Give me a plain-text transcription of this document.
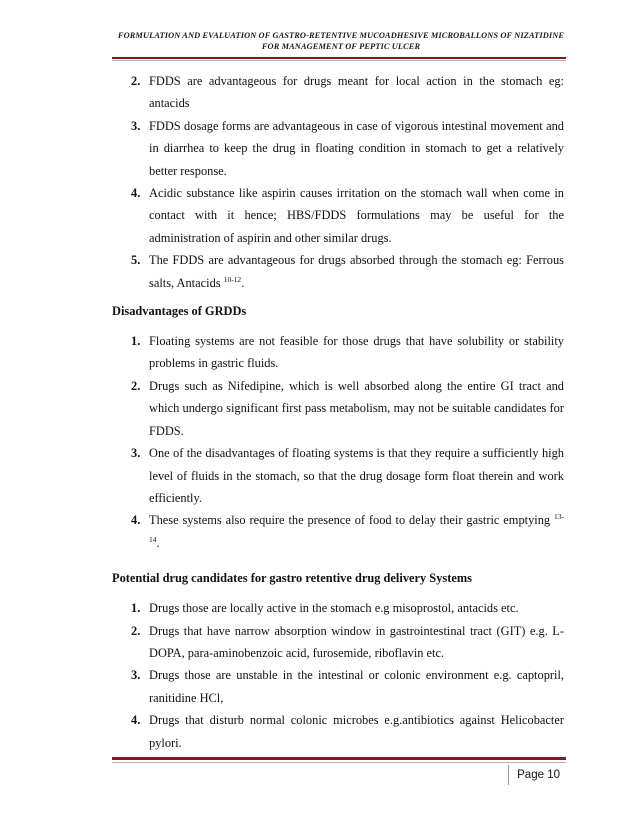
FORMULATION AND EVALUATION OF GASTRO-RETENTIVE MUCOADHESIVE MICROBALLONS OF NIZATIDINE
FOR MANAGEMENT OF PEPTIC ULCER
2. FDDS are advantageous for drugs meant for local action in the stomach eg: antacids
3. FDDS dosage forms are advantageous in case of vigorous intestinal movement and in diarrhea to keep the drug in floating condition in stomach to get a relatively better response.
4. Acidic substance like aspirin causes irritation on the stomach wall when come in contact with it hence; HBS/FDDS formulations may be useful for the administration of aspirin and other similar drugs.
5. The FDDS are advantageous for drugs absorbed through the stomach eg: Ferrous salts, Antacids $^{10-12}$.
Disadvantages of GRDDs
1. Floating systems are not feasible for those drugs that have solubility or stability problems in gastric fluids.
2. Drugs such as Nifedipine, which is well absorbed along the entire GI tract and which undergo significant first pass metabolism, may not be suitable candidates for FDDS.
3. One of the disadvantages of floating systems is that they require a sufficiently high level of fluids in the stomach, so that the drug dosage form float therein and work efficiently.
4. These systems also require the presence of food to delay their gastric emptying $^{13-14}$.
Potential drug candidates for gastro retentive drug delivery Systems
1. Drugs those are locally active in the stomach e.g misoprostol, antacids etc.
2. Drugs that have narrow absorption window in gastrointestinal tract (GIT) e.g. L-DOPA, para-aminobenzoic acid, furosemide, riboflavin etc.
3. Drugs those are unstable in the intestinal or colonic environment e.g. captopril, ranitidine HCl,
4. Drugs that disturb normal colonic microbes e.g.antibiotics against Helicobacter pylori.
Page 10
